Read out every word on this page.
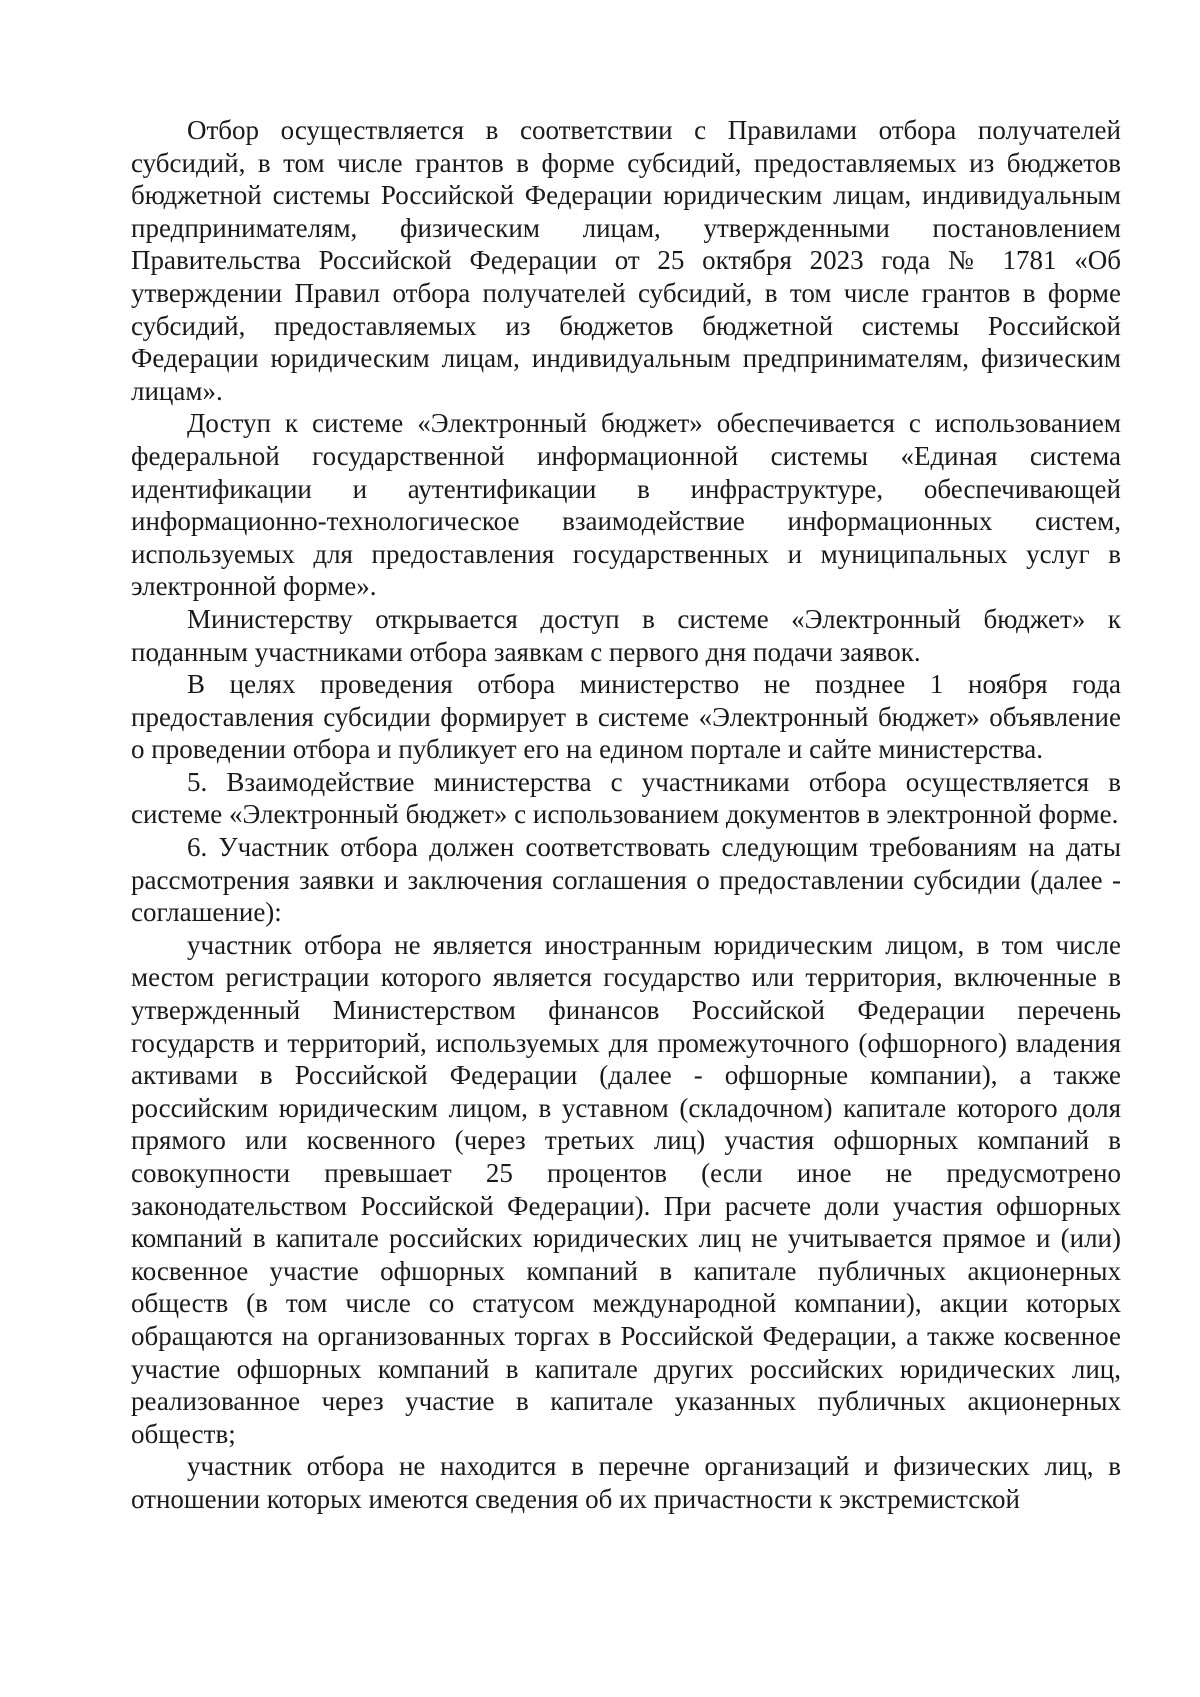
Отбор осуществляется в соответствии с Правилами отбора получателей субсидий, в том числе грантов в форме субсидий, предоставляемых из бюджетов бюджетной системы Российской Федерации юридическим лицам, индивидуальным предпринимателям, физическим лицам, утвержденными постановлением Правительства Российской Федерации от 25 октября 2023 года № 1781 «Об утверждении Правил отбора получателей субсидий, в том числе грантов в форме субсидий, предоставляемых из бюджетов бюджетной системы Российской Федерации юридическим лицам, индивидуальным предпринимателям, физическим лицам».

Доступ к системе «Электронный бюджет» обеспечивается с использованием федеральной государственной информационной системы «Единая система идентификации и аутентификации в инфраструктуре, обеспечивающей информационно-технологическое взаимодействие информационных систем, используемых для предоставления государственных и муниципальных услуг в электронной форме».

Министерству открывается доступ в системе «Электронный бюджет» к поданным участниками отбора заявкам с первого дня подачи заявок.

В целях проведения отбора министерство не позднее 1 ноября года предоставления субсидии формирует в системе «Электронный бюджет» объявление о проведении отбора и публикует его на едином портале и сайте министерства.

5. Взаимодействие министерства с участниками отбора осуществляется в системе «Электронный бюджет» с использованием документов в электронной форме.

6. Участник отбора должен соответствовать следующим требованиям на даты рассмотрения заявки и заключения соглашения о предоставлении субсидии (далее - соглашение):

участник отбора не является иностранным юридическим лицом, в том числе местом регистрации которого является государство или территория, включенные в утвержденный Министерством финансов Российской Федерации перечень государств и территорий, используемых для промежуточного (офшорного) владения активами в Российской Федерации (далее - офшорные компании), а также российским юридическим лицом, в уставном (складочном) капитале которого доля прямого или косвенного (через третьих лиц) участия офшорных компаний в совокупности превышает 25 процентов (если иное не предусмотрено законодательством Российской Федерации). При расчете доли участия офшорных компаний в капитале российских юридических лиц не учитывается прямое и (или) косвенное участие офшорных компаний в капитале публичных акционерных обществ (в том числе со статусом международной компании), акции которых обращаются на организованных торгах в Российской Федерации, а также косвенное участие офшорных компаний в капитале других российских юридических лиц, реализованное через участие в капитале указанных публичных акционерных обществ;

участник отбора не находится в перечне организаций и физических лиц, в отношении которых имеются сведения об их причастности к экстремистской
